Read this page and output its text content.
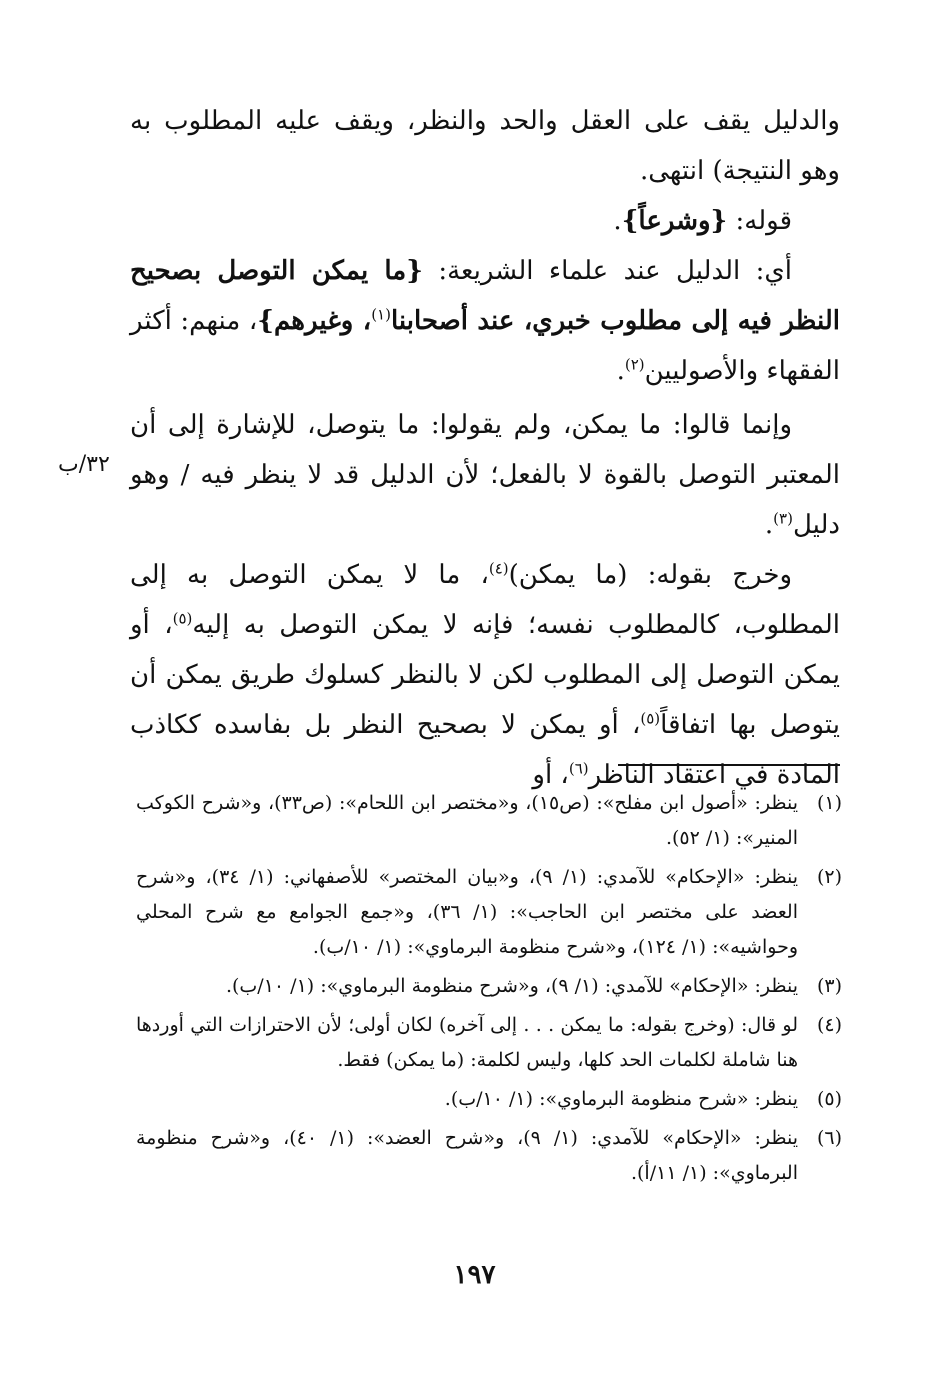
والدليل يقف على العقل والحد والنظر، ويقف عليه المطلوب به وهو النتيجة) انتهى.

قوله: {وشرعاً}.

أي: الدليل عند علماء الشريعة: {ما يمكن التوصل بصحيح النظر فيه إلى مطلوب خبري، عند أصحابنا$^{(١)}$، وغيرهم}، منهم: أكثر الفقهاء والأصوليين$^{(٢)}$.

وإنما قالوا: ما يمكن، ولم يقولوا: ما يتوصل، للإشارة إلى أن المعتبر التوصل بالقوة لا بالفعل؛ لأن الدليل قد لا ينظر فيه / وهو دليل$^{(٣)}$.

وخرج بقوله: (ما يمكن)$^{(٤)}$، ما لا يمكن التوصل به إلى المطلوب، كالمطلوب نفسه؛ فإنه لا يمكن التوصل به إليه$^{(٥)}$، أو يمكن التوصل إلى المطلوب لكن لا بالنظر كسلوك طريق يمكن أن يتوصل بها اتفاقاً$^{(٥)}$، أو يمكن لا بصحيح النظر بل بفاسده ككاذب المادة في اعتقاد الناظر$^{(٦)}$، أو

٣٢/ب
(١)
ينظر: «أصول ابن مفلح»: (ص١٥)، و«مختصر ابن اللحام»: (ص٣٣)، و«شرح الكوكب المنير»: (١/ ٥٢).
(٢)
ينظر: «الإحكام» للآمدي: (١/ ٩)، و«بيان المختصر» للأصفهاني: (١/ ٣٤)، و«شرح العضد على مختصر ابن الحاجب»: (١/ ٣٦)، و«جمع الجوامع مع شرح المحلي وحواشيه»: (١/ ١٢٤)، و«شرح منظومة البرماوي»: (١/ ١٠/ب).
(٣)
ينظر: «الإحكام» للآمدي: (١/ ٩)، و«شرح منظومة البرماوي»: (١/ ١٠/ب).
(٤)
لو قال: (وخرج بقوله: ما يمكن . . . إلى آخره) لكان أولى؛ لأن الاحترازات التي أوردها هنا شاملة لكلمات الحد كلها، وليس لكلمة: (ما يمكن) فقط.
(٥)
ينظر: «شرح منظومة البرماوي»: (١/ ١٠/ب).
(٦)
ينظر: «الإحكام» للآمدي: (١/ ٩)، و«شرح العضد»: (١/ ٤٠)، و«شرح منظومة البرماوي»: (١/ ١١/أ).
١٩٧
